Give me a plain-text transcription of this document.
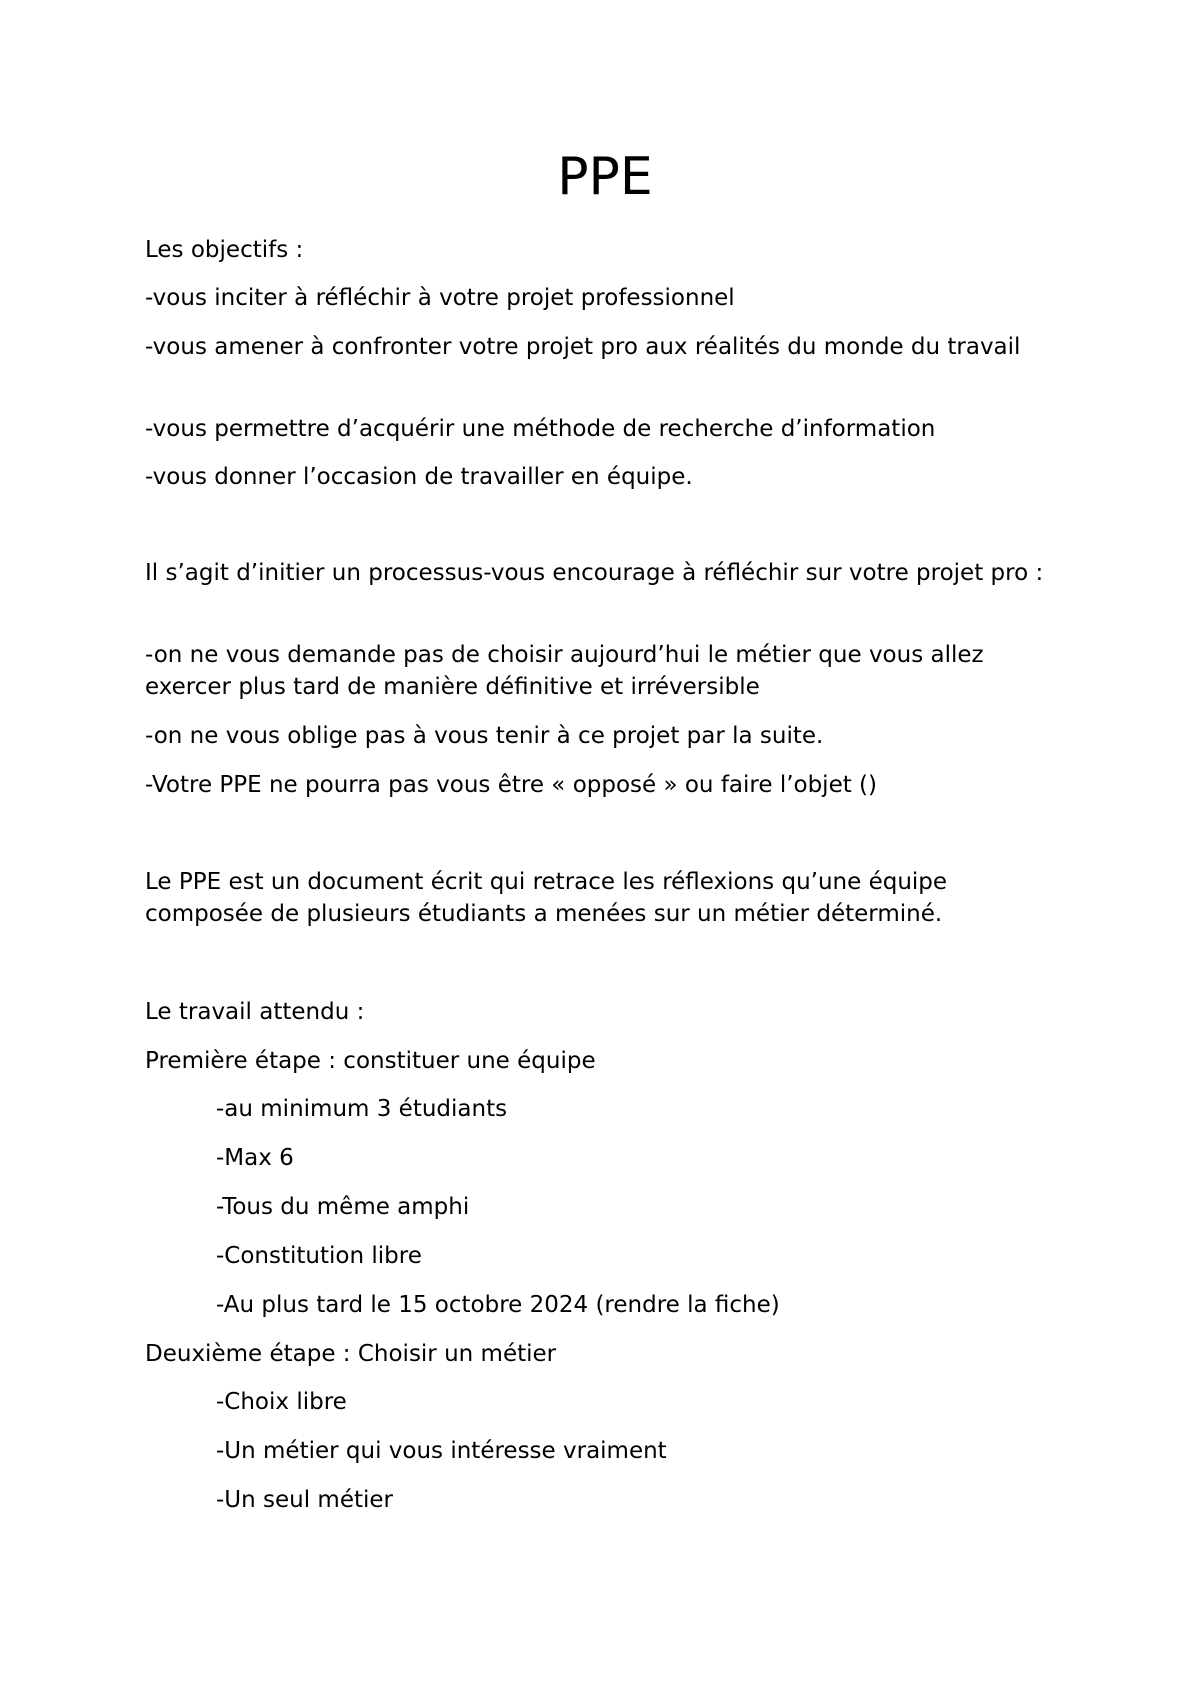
PPE

Les objectifs :

-vous inciter à réfléchir à votre projet professionnel

-vous amener à confronter votre projet pro aux réalités du monde du travail

-vous permettre d’acquérir une méthode de recherche d’information

-vous donner l’occasion de travailler en équipe.

Il s’agit d’initier un processus-vous encourage à réfléchir sur votre projet pro :

-on ne vous demande pas de choisir aujourd’hui le métier que vous allez exercer plus tard de manière définitive et irréversible

-on ne vous oblige pas à vous tenir à ce projet par la suite.

-Votre PPE ne pourra pas vous être « opposé » ou faire l’objet ()

Le PPE est un document écrit qui retrace les réflexions qu’une équipe composée de plusieurs étudiants a menées sur un métier déterminé.

Le travail attendu :

Première étape : constituer une équipe

-au minimum 3 étudiants

-Max 6

-Tous du même amphi

-Constitution libre

-Au plus tard le 15 octobre 2024 (rendre la fiche)

Deuxième étape : Choisir un métier

-Choix libre

-Un métier qui vous intéresse vraiment

-Un seul métier
